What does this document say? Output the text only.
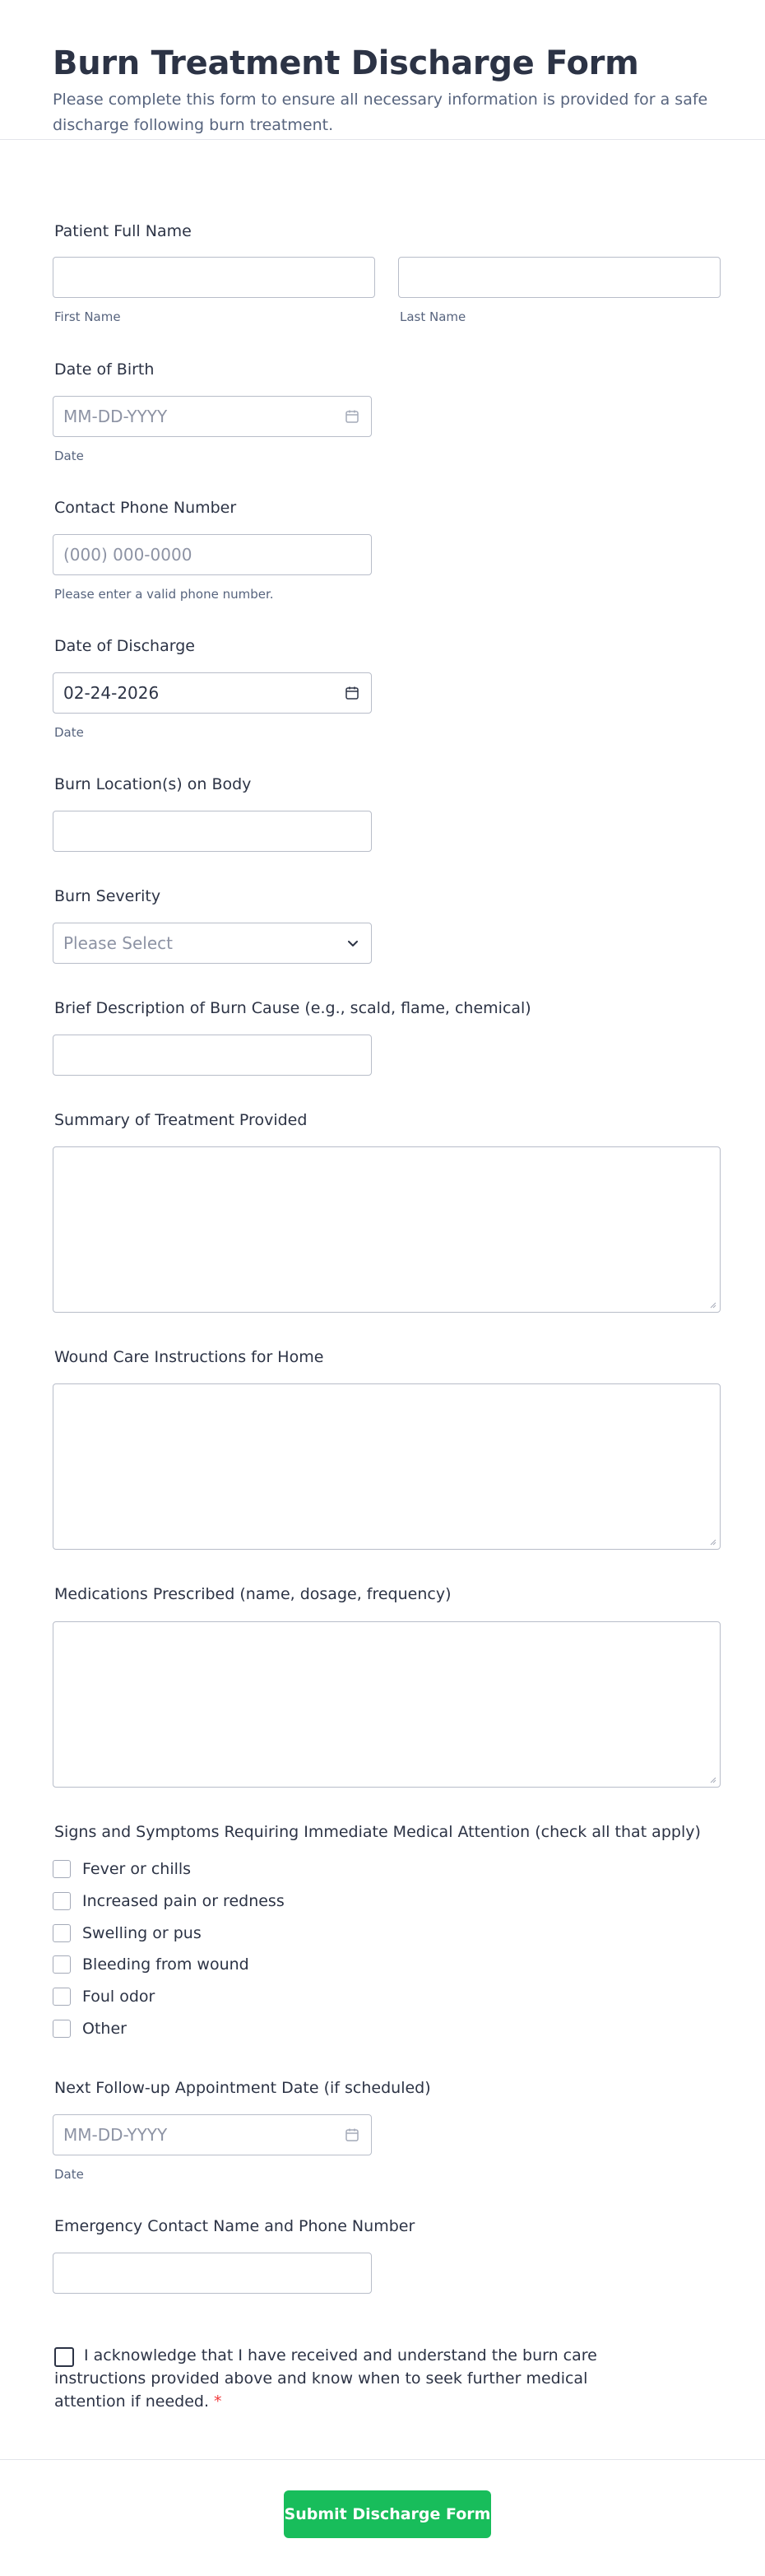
Burn Treatment Discharge Form
Please complete this form to ensure all necessary information is provided for a safe discharge following burn treatment.
Patient Full Name
First Name	Last Name
Date of Birth
MM-DD-YYYY
Date
Contact Phone Number
(000) 000-0000
Please enter a valid phone number.
Date of Discharge
02-24-2026
Date
Burn Location(s) on Body
Burn Severity
Please Select
Brief Description of Burn Cause (e.g., scald, flame, chemical)
Summary of Treatment Provided
Wound Care Instructions for Home
Medications Prescribed (name, dosage, frequency)
Signs and Symptoms Requiring Immediate Medical Attention (check all that apply)
Fever or chills
Increased pain or redness
Swelling or pus
Bleeding from wound
Foul odor
Other
Next Follow-up Appointment Date (if scheduled)
MM-DD-YYYY
Date
Emergency Contact Name and Phone Number
I acknowledge that I have received and understand the burn care instructions provided above and know when to seek further medical attention if needed. *
Submit Discharge Form
